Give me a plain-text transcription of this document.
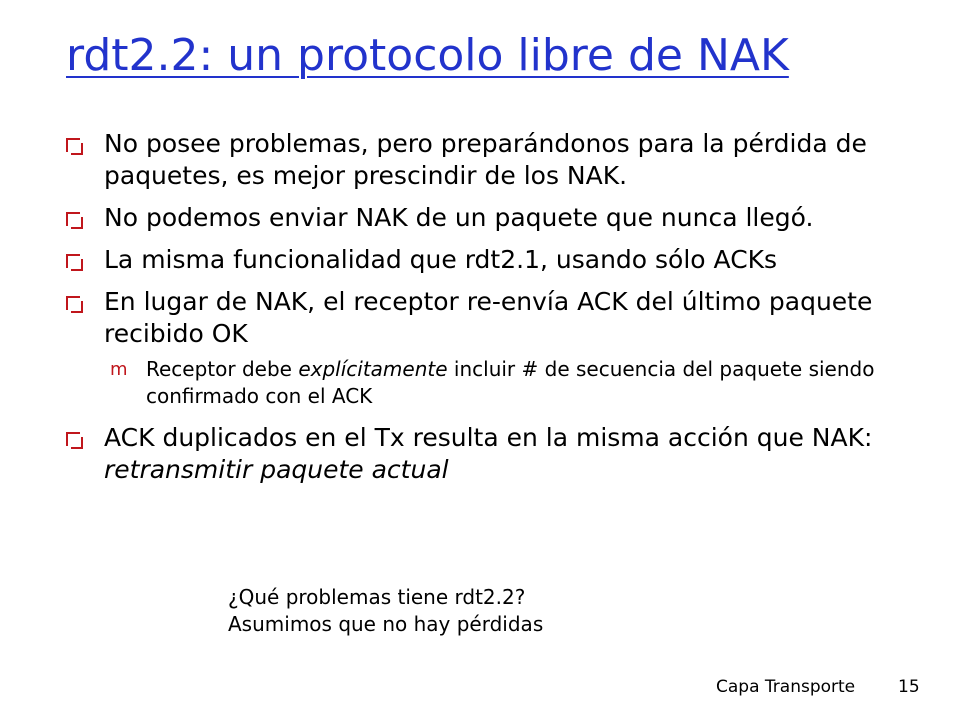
rdt2.2: un protocolo libre de NAK
No posee problemas, pero preparándonos para la pérdida de paquetes, es mejor prescindir de los NAK.
No podemos enviar NAK de un paquete que nunca llegó.
La misma funcionalidad que rdt2.1, usando sólo ACKs
En lugar de NAK, el receptor re-envía ACK del último paquete recibido OK
m Receptor debe explícitamente incluir # de secuencia del paquete siendo confirmado con el ACK
ACK duplicados en el Tx resulta en la misma acción que NAK: retransmitir paquete actual
¿Qué problemas tiene rdt2.2?
Asumimos que no hay pérdidas
Capa Transporte	15
